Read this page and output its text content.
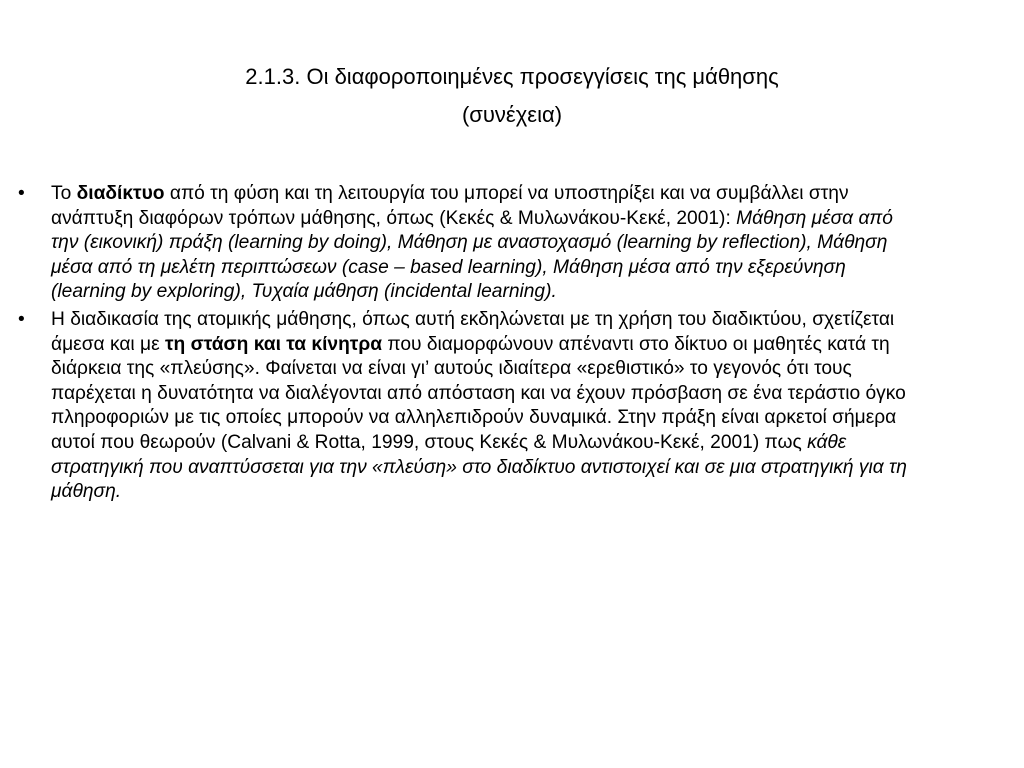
2.1.3. Οι διαφοροποιημένες προσεγγίσεις της μάθησης
(συνέχεια)
•	Το διαδίκτυο από τη φύση και τη λειτουργία του μπορεί να υποστηρίξει και να συμβάλλει στην ανάπτυξη διαφόρων τρόπων μάθησης, όπως (Κεκές & Μυλωνάκου-Κεκέ, 2001): Μάθηση μέσα από την (εικονική) πράξη (learning by doing), Μάθηση με αναστοχασμό (learning by reflection), Μάθηση μέσα από τη μελέτη περιπτώσεων (case – based learning), Μάθηση μέσα από την εξερεύνηση (learning by exploring), Τυχαία μάθηση (incidental learning).
•	Η διαδικασία της ατομικής μάθησης, όπως αυτή εκδηλώνεται με τη χρήση του διαδικτύου, σχετίζεται άμεσα και με τη στάση και τα κίνητρα που διαμορφώνουν απέναντι στο δίκτυο οι μαθητές κατά τη διάρκεια της «πλεύσης». Φαίνεται να είναι γι’ αυτούς ιδιαίτερα «ερεθιστικό» το γεγονός ότι τους παρέχεται η δυνατότητα να διαλέγονται από απόσταση και να έχουν πρόσβαση σε ένα τεράστιο όγκο πληροφοριών με τις οποίες μπορούν να αλληλεπιδρούν δυναμικά. Στην πράξη είναι αρκετοί σήμερα αυτοί που θεωρούν (Calvani & Rotta, 1999, στους Κεκές & Μυλωνάκου-Κεκέ, 2001) πως κάθε στρατηγική που αναπτύσσεται για την «πλεύση» στο διαδίκτυο αντιστοιχεί και σε μια στρατηγική για τη μάθηση.
